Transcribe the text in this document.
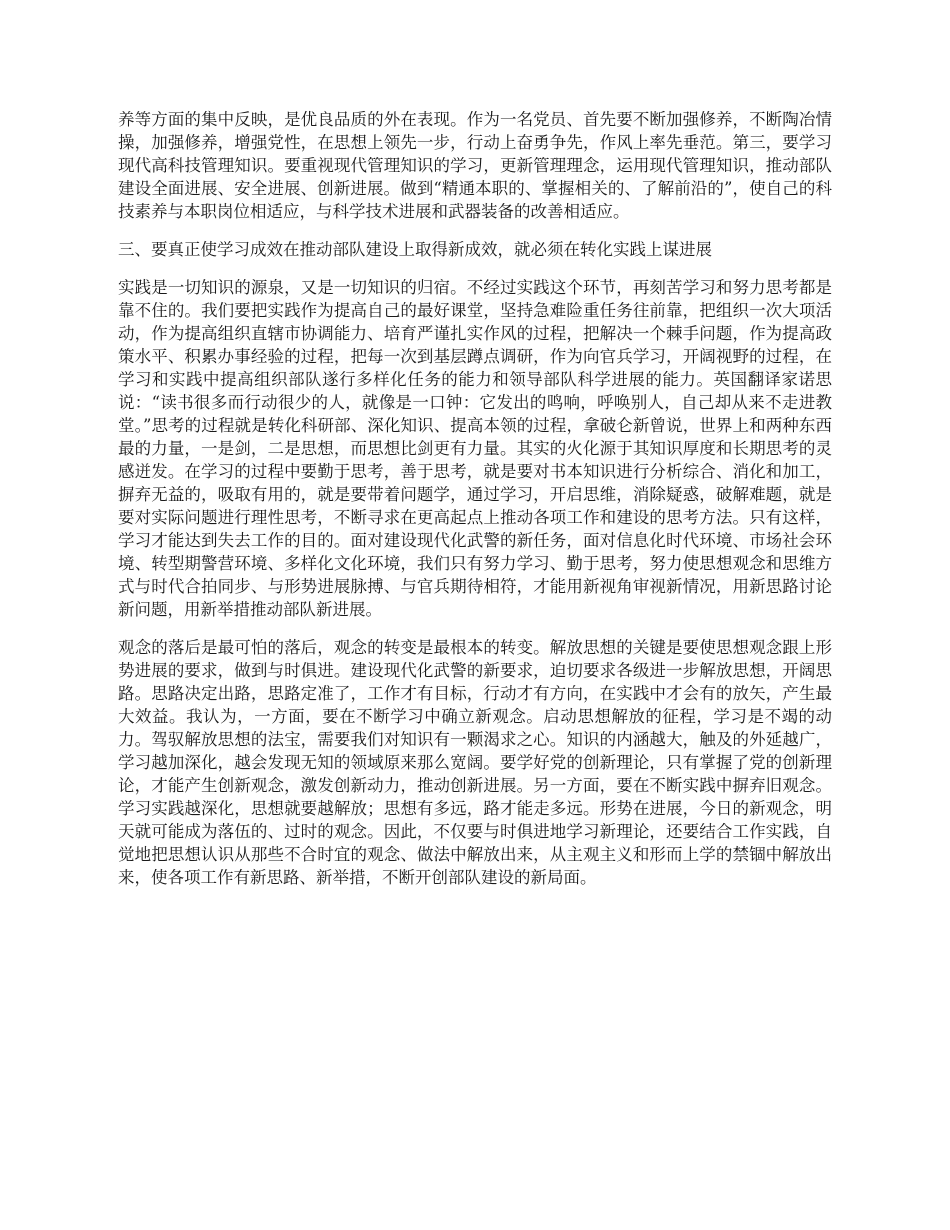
养等方面的集中反映，是优良品质的外在表现。作为一名党员、首先要不断加强修养，不断陶冶情操，加强修养，增强党性，在思想上领先一步，行动上奋勇争先，作风上率先垂范。第三，要学习现代高科技管理知识。要重视现代管理知识的学习，更新管理理念，运用现代管理知识，推动部队建设全面进展、安全进展、创新进展。做到“精通本职的、掌握相关的、了解前沿的”，使自己的科技素养与本职岗位相适应，与科学技术进展和武器装备的改善相适应。

三、要真正使学习成效在推动部队建设上取得新成效，就必须在转化实践上谋进展

实践是一切知识的源泉，又是一切知识的归宿。不经过实践这个环节，再刻苦学习和努力思考都是靠不住的。我们要把实践作为提高自己的最好课堂，坚持急难险重任务往前靠，把组织一次大项活动，作为提高组织直辖市协调能力、培育严谨扎实作风的过程，把解决一个棘手问题，作为提高政策水平、积累办事经验的过程，把每一次到基层蹲点调研，作为向官兵学习，开阔视野的过程，在学习和实践中提高组织部队遂行多样化任务的能力和领导部队科学进展的能力。英国翻译家诺思说：“读书很多而行动很少的人，就像是一口钟：它发出的鸣响，呼唤别人，自己却从来不走进教堂。”思考的过程就是转化科研部、深化知识、提高本领的过程，拿破仑新曾说，世界上和两种东西最的力量，一是剑，二是思想，而思想比剑更有力量。其实的火化源于其知识厚度和长期思考的灵感迸发。在学习的过程中要勤于思考，善于思考，就是要对书本知识进行分析综合、消化和加工，摒弃无益的，吸取有用的，就是要带着问题学，通过学习，开启思维，消除疑惑，破解难题，就是要对实际问题进行理性思考，不断寻求在更高起点上推动各项工作和建设的思考方法。只有这样，学习才能达到失去工作的目的。面对建设现代化武警的新任务，面对信息化时代环境、市场社会环境、转型期警营环境、多样化文化环境，我们只有努力学习、勤于思考，努力使思想观念和思维方式与时代合拍同步、与形势进展脉搏、与官兵期待相符，才能用新视角审视新情况，用新思路讨论新问题，用新举措推动部队新进展。

观念的落后是最可怕的落后，观念的转变是最根本的转变。解放思想的关键是要使思想观念跟上形势进展的要求，做到与时俱进。建设现代化武警的新要求，迫切要求各级进一步解放思想，开阔思路。思路决定出路，思路定准了，工作才有目标，行动才有方向，在实践中才会有的放矢，产生最大效益。我认为，一方面，要在不断学习中确立新观念。启动思想解放的征程，学习是不竭的动力。驾驭解放思想的法宝，需要我们对知识有一颗渴求之心。知识的内涵越大，触及的外延越广，学习越加深化，越会发现无知的领域原来那么宽阔。要学好党的创新理论，只有掌握了党的创新理论，才能产生创新观念，激发创新动力，推动创新进展。另一方面，要在不断实践中摒弃旧观念。学习实践越深化，思想就要越解放；思想有多远，路才能走多远。形势在进展，今日的新观念，明天就可能成为落伍的、过时的观念。因此，不仅要与时俱进地学习新理论，还要结合工作实践，自觉地把思想认识从那些不合时宜的观念、做法中解放出来，从主观主义和形而上学的禁锢中解放出来，使各项工作有新思路、新举措，不断开创部队建设的新局面。
